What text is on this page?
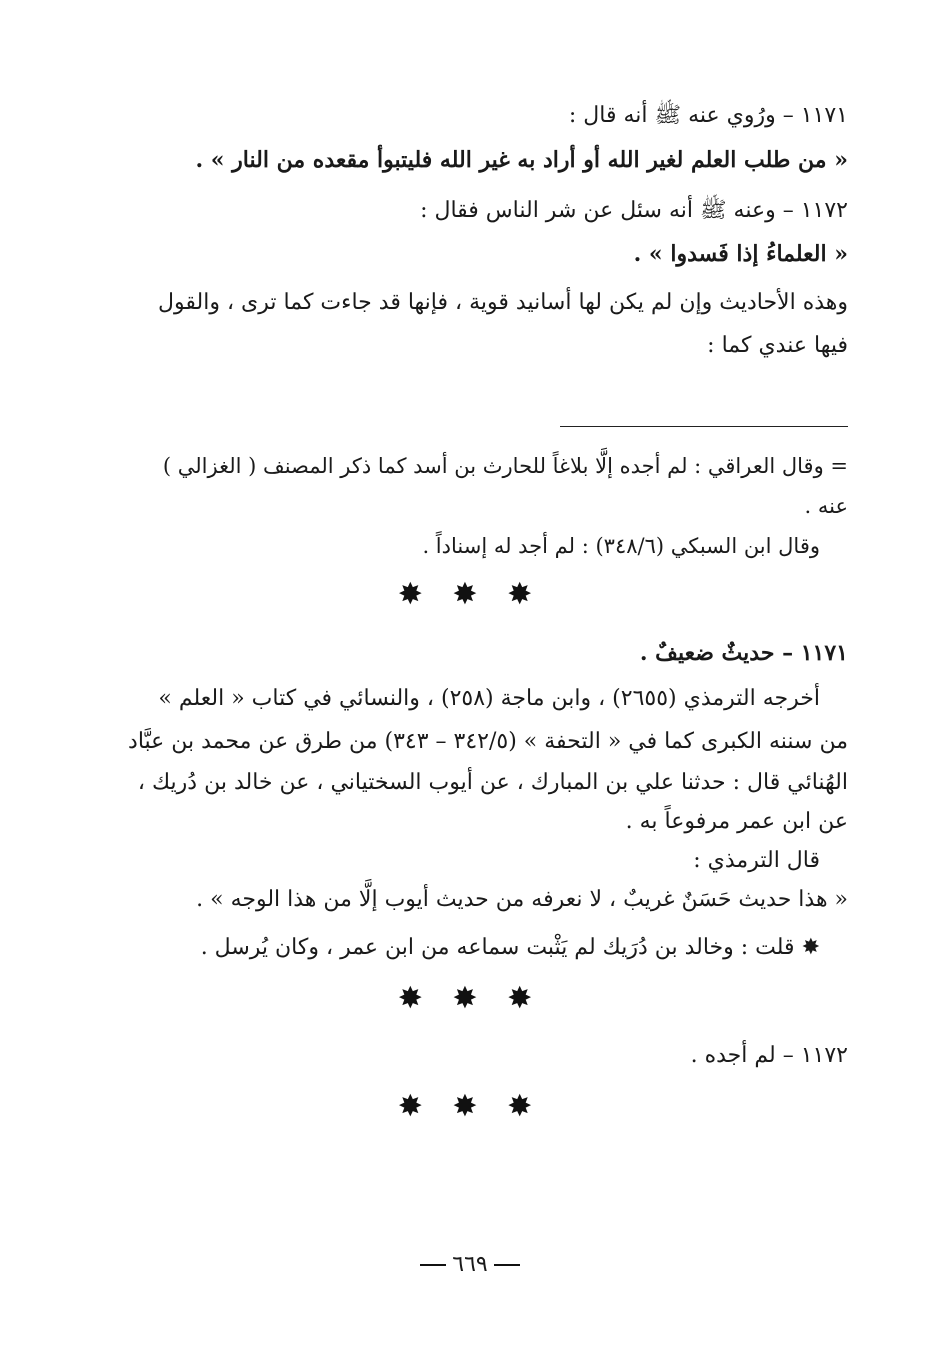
١١٧١ – ورُوي عنه ﷺ أنه قال :
« من طلب العلم لغير الله أو أراد به غير الله فليتبوأ مقعده من النار » .
١١٧٢ – وعنه ﷺ أنه سئل عن شر الناس فقال :
« العلماءُ إذا فَسدوا » .
وهذه الأحاديث وإن لم يكن لها أسانيد قوية ، فإنها قد جاءت كما ترى ، والقول
فيها عندي كما :
= وقال العراقي : لم أجده إلَّا بلاغاً للحارث بن أسد كما ذكر المصنف ( الغزالي )
عنه .
وقال ابن السبكي (٣٤٨/٦) : لم أجد له إسناداً .
✸ ✸ ✸
١١٧١ – حديثٌ ضعيفٌ .
أخرجه الترمذي (٢٦٥٥) ، وابن ماجة (٢٥٨) ، والنسائي في كتاب « العلم »
من سننه الكبرى كما في « التحفة » (٣٤٢/٥ – ٣٤٣) من طرق عن محمد بن عبَّاد
الهُنائي قال : حدثنا علي بن المبارك ، عن أيوب السختياني ، عن خالد بن دُريك ،
عن ابن عمر مرفوعاً به .
قال الترمذي :
« هذا حديث حَسَنٌ غريبٌ ، لا نعرفه من حديث أيوب إلَّا من هذا الوجه » .
✸ قلت : وخالد بن دُرَيك لم يَثْبت سماعه من ابن عمر ، وكان يُرسل .
✸ ✸ ✸
١١٧٢ – لم أجده .
✸ ✸ ✸
٦٦٩
